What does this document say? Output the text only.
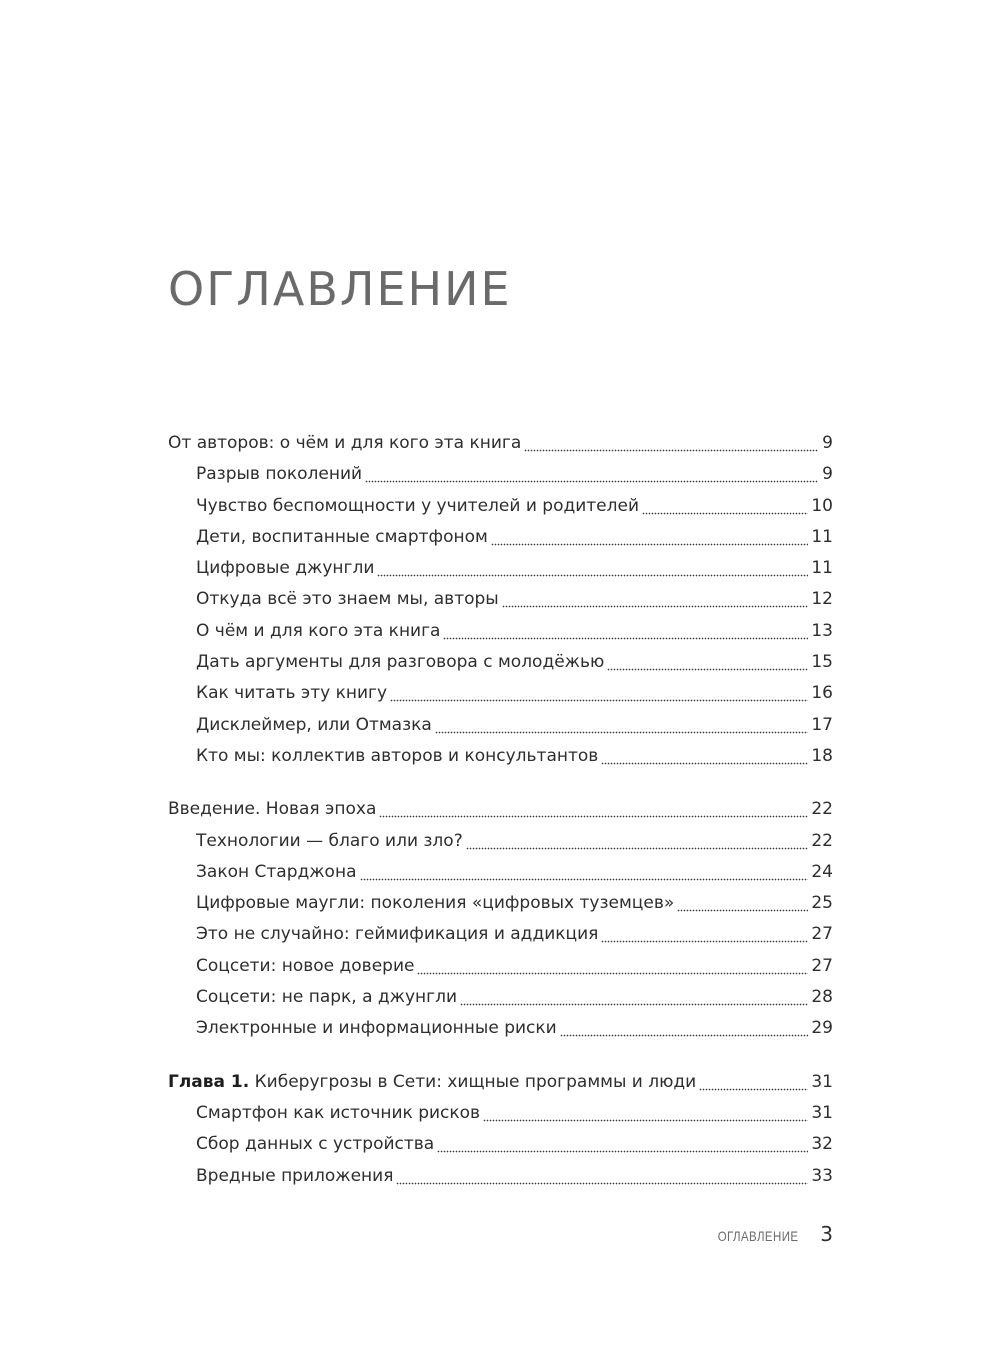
ОГЛАВЛЕНИЕ
От авторов: о чём и для кого эта книга	9
Разрыв поколений	9
Чувство беспомощности у учителей и родителей	10
Дети, воспитанные смартфоном	11
Цифровые джунгли	11
Откуда всё это знаем мы, авторы	12
О чём и для кого эта книга	13
Дать аргументы для разговора с молодёжью	15
Как читать эту книгу	16
Дисклеймер, или Отмазка	17
Кто мы: коллектив авторов и консультантов	18
Введение. Новая эпоха	22
Технологии — благо или зло?	22
Закон Старджона	24
Цифровые маугли: поколения «цифровых туземцев»	25
Это не случайно: геймификация и аддикция	27
Соцсети: новое доверие	27
Соцсети: не парк, а джунгли	28
Электронные и информационные риски	29
Глава 1. Киберугрозы в Сети: хищные программы и люди	31
Смартфон как источник рисков	31
Сбор данных с устройства	32
Вредные приложения	33
ОГЛАВЛЕНИЕ 3
